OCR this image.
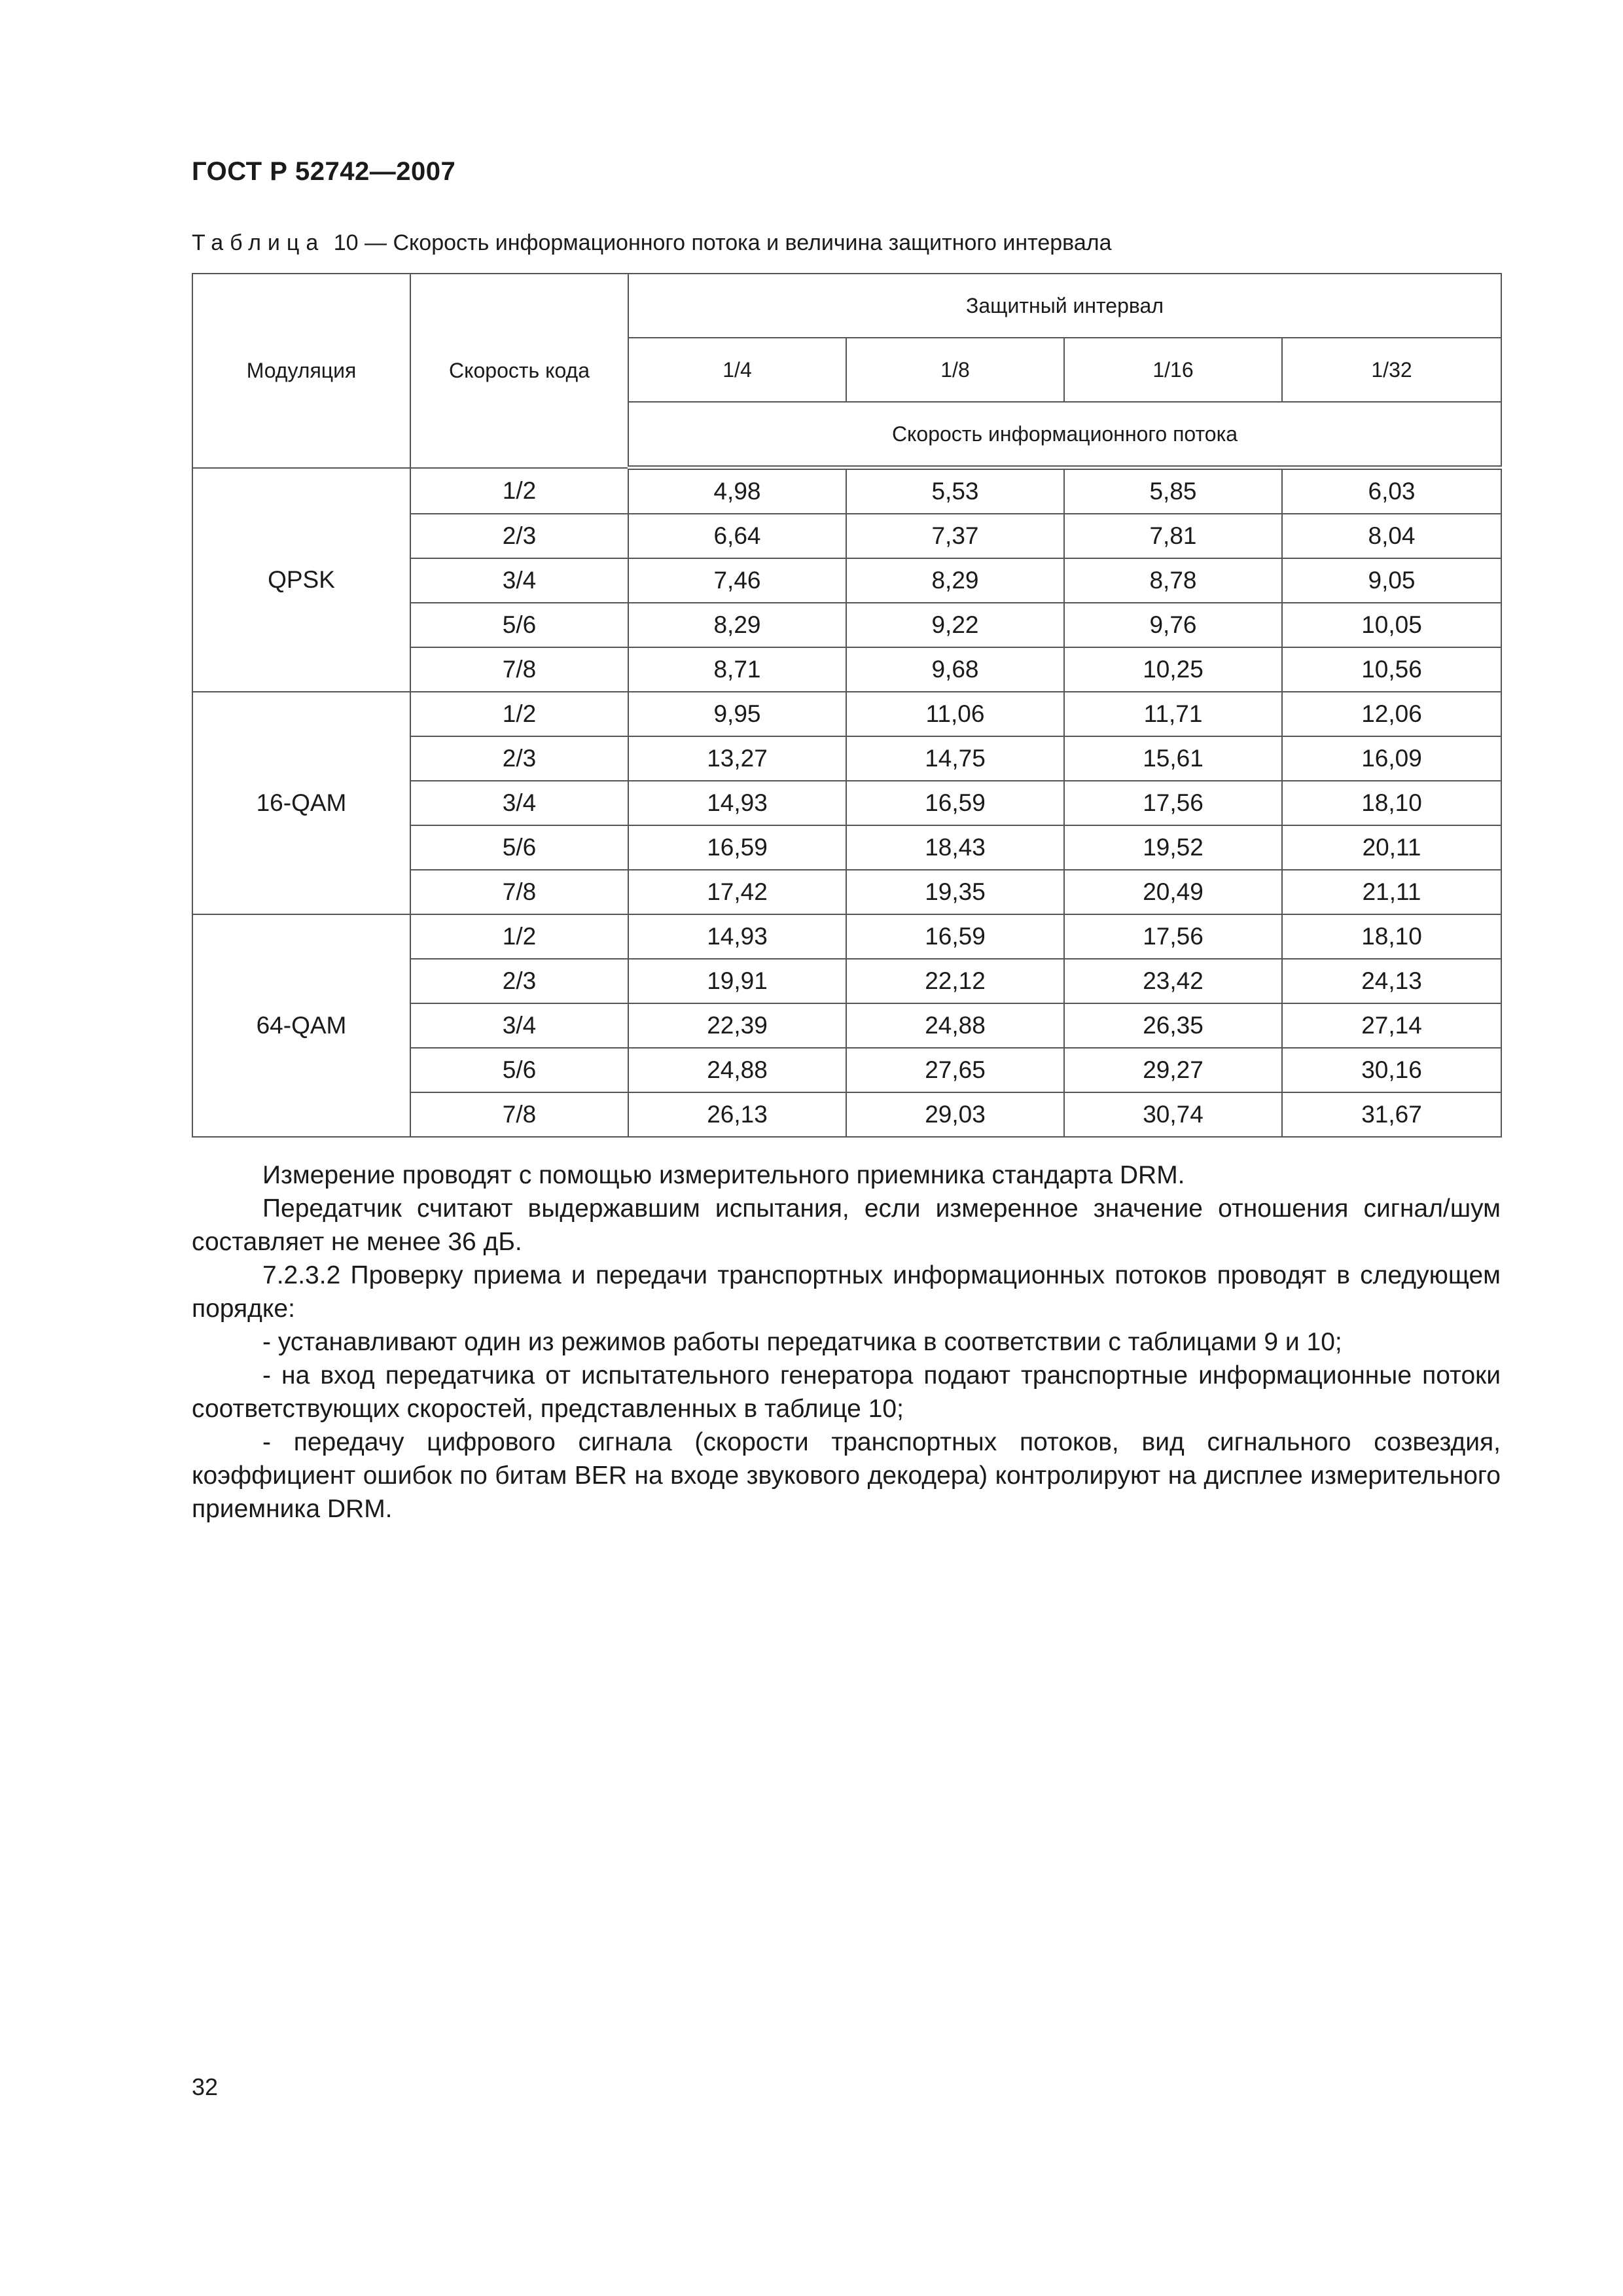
ГОСТ Р 52742—2007
Таблица 10 — Скорость информационного потока и величина защитного интервала
Модуляция	Скорость кода	Защитный интервал			
		1/4	1/8	1/16	1/32
		Скорость информационного потока			
QPSK	1/2	4,98	5,53	5,85	6,03
	2/3	6,64	7,37	7,81	8,04
	3/4	7,46	8,29	8,78	9,05
	5/6	8,29	9,22	9,76	10,05
	7/8	8,71	9,68	10,25	10,56
16-QAM	1/2	9,95	11,06	11,71	12,06
	2/3	13,27	14,75	15,61	16,09
	3/4	14,93	16,59	17,56	18,10
	5/6	16,59	18,43	19,52	20,11
	7/8	17,42	19,35	20,49	21,11
64-QAM	1/2	14,93	16,59	17,56	18,10
	2/3	19,91	22,12	23,42	24,13
	3/4	22,39	24,88	26,35	27,14
	5/6	24,88	27,65	29,27	30,16
	7/8	26,13	29,03	30,74	31,67

Измерение проводят с помощью измерительного приемника стандарта DRM.

Передатчик считают выдержавшим испытания, если измеренное значение отношения сигнал/шум составляет не менее 36 дБ.

7.2.3.2 Проверку приема и передачи транспортных информационных потоков проводят в следующем порядке:

- устанавливают один из режимов работы передатчика в соответствии с таблицами 9 и 10;

- на вход передатчика от испытательного генератора подают транспортные информационные потоки соответствующих скоростей, представленных в таблице 10;

- передачу цифрового сигнала (скорости транспортных потоков, вид сигнального созвездия, коэффициент ошибок по битам BER на входе звукового декодера) контролируют на дисплее измерительного приемника DRM.

32
